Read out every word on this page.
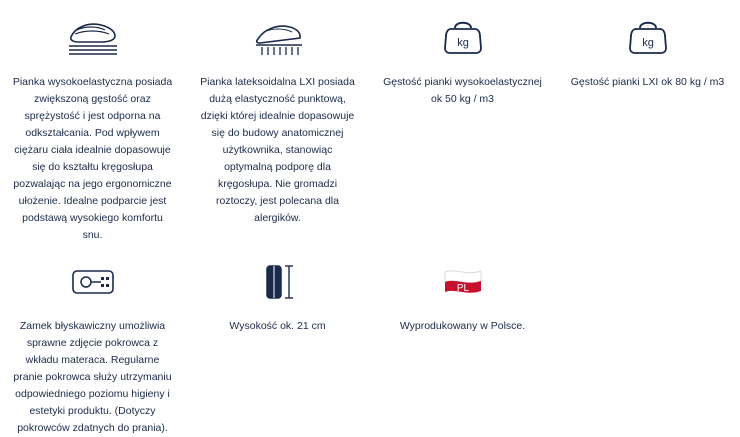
Pianka wysokoelastyczna posiada zwiększoną gęstość oraz sprężystość i jest odporna na odkształcania. Pod wpływem ciężaru ciała idealnie dopasowuje się do kształtu kręgosłupa pozwalając na jego ergonomiczne ułożenie. Idealne podparcie jest podstawą wysokiego komfortu snu.
Pianka lateksoidalna LXI posiada dużą elastyczność punktową, dzięki której idealnie dopasowuje się do budowy anatomicznej użytkownika, stanowiąc optymalną podporę dla kręgosłupa. Nie gromadzi roztoczy, jest polecana dla alergików.
kg
Gęstość pianki wysokoelastycznej ok 50 kg / m3
kg
Gęstość pianki LXI ok 80 kg / m3
Zamek błyskawiczny umożliwia sprawne zdjęcie pokrowca z wkładu materaca. Regularne pranie pokrowca służy utrzymaniu odpowiedniego poziomu higieny i estetyki produktu. (Dotyczy pokrowców zdatnych do prania).
Wysokość ok. 21 cm
PL
Wyprodukowany w Polsce.
